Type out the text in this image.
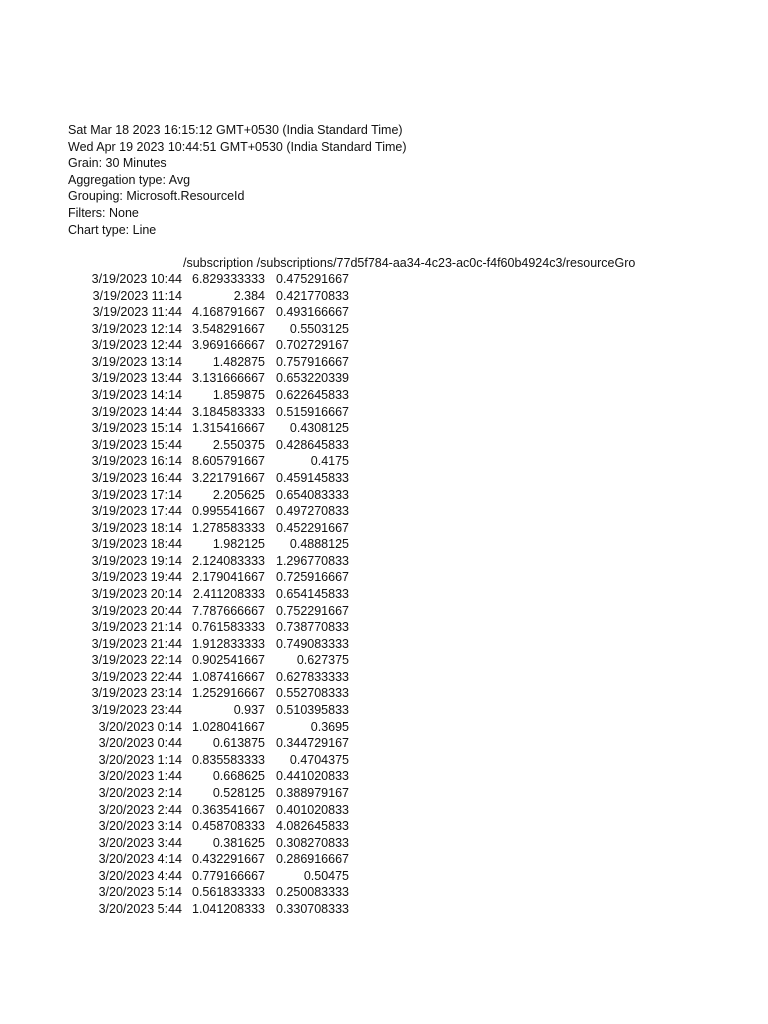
Sat Mar 18 2023 16:15:12 GMT+0530 (India Standard Time)
Wed Apr 19 2023 10:44:51 GMT+0530 (India Standard Time)
Grain: 30 Minutes
Aggregation type: Avg
Grouping: Microsoft.ResourceId
Filters: None
Chart type: Line
/subscription /subscriptions/77d5f784-aa34-4c23-ac0c-f4f60b4924c3/resourceGro
3/19/2023 10:44 6.829333333 0.475291667
3/19/2023 11:14	2.384 0.421770833
3/19/2023 11:44 4.168791667 0.493166667
3/19/2023 12:14 3.548291667	0.5503125
3/19/2023 12:44 3.969166667 0.702729167
3/19/2023 13:14	1.482875 0.757916667
3/19/2023 13:44 3.131666667 0.653220339
3/19/2023 14:14	1.859875 0.622645833
3/19/2023 14:44 3.184583333 0.515916667
3/19/2023 15:14 1.315416667	0.4308125
3/19/2023 15:44	2.550375 0.428645833
3/19/2023 16:14 8.605791667	0.4175
3/19/2023 16:44 3.221791667 0.459145833
3/19/2023 17:14	2.205625 0.654083333
3/19/2023 17:44 0.995541667 0.497270833
3/19/2023 18:14 1.278583333 0.452291667
3/19/2023 18:44	1.982125	0.4888125
3/19/2023 19:14 2.124083333 1.296770833
3/19/2023 19:44 2.179041667 0.725916667
3/19/2023 20:14 2.411208333 0.654145833
3/19/2023 20:44 7.787666667 0.752291667
3/19/2023 21:14 0.761583333 0.738770833
3/19/2023 21:44 1.912833333 0.749083333
3/19/2023 22:14 0.902541667	0.627375
3/19/2023 22:44 1.087416667 0.627833333
3/19/2023 23:14 1.252916667 0.552708333
3/19/2023 23:44	0.937 0.510395833
3/20/2023 0:14 1.028041667	0.3695
3/20/2023 0:44	0.613875 0.344729167
3/20/2023 1:14 0.835583333	0.4704375
3/20/2023 1:44	0.668625 0.441020833
3/20/2023 2:14	0.528125 0.388979167
3/20/2023 2:44 0.363541667 0.401020833
3/20/2023 3:14 0.458708333 4.082645833
3/20/2023 3:44	0.381625 0.308270833
3/20/2023 4:14 0.432291667 0.286916667
3/20/2023 4:44 0.779166667	0.50475
3/20/2023 5:14 0.561833333 0.250083333
3/20/2023 5:44 1.041208333 0.330708333
